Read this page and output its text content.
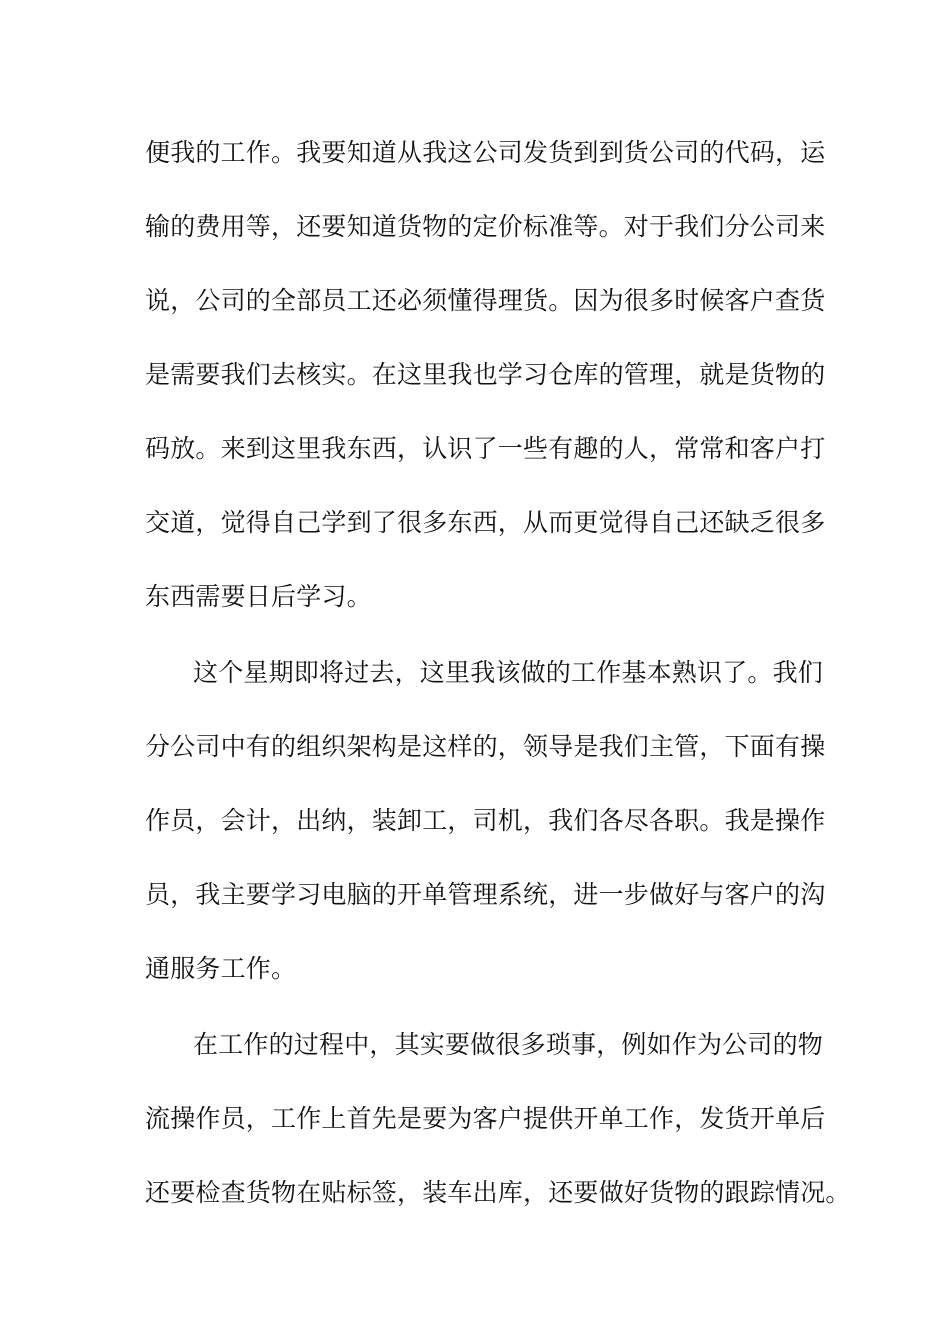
便我的工作。我要知道从我这公司发货到到货公司的代码，运
输的费用等，还要知道货物的定价标准等。对于我们分公司来
说，公司的全部员工还必须懂得理货。因为很多时候客户查货
是需要我们去核实。在这里我也学习仓库的管理，就是货物的
码放。来到这里我东西，认识了一些有趣的人，常常和客户打
交道，觉得自己学到了很多东西，从而更觉得自己还缺乏很多
东西需要日后学习。
这个星期即将过去，这里我该做的工作基本熟识了。我们
分公司中有的组织架构是这样的，领导是我们主管，下面有操
作员，会计，出纳，装卸工，司机，我们各尽各职。我是操作
员，我主要学习电脑的开单管理系统，进一步做好与客户的沟
通服务工作。
在工作的过程中，其实要做很多琐事，例如作为公司的物
流操作员，工作上首先是要为客户提供开单工作，发货开单后
还要检查货物在贴标签，装车出库，还要做好货物的跟踪情况。
